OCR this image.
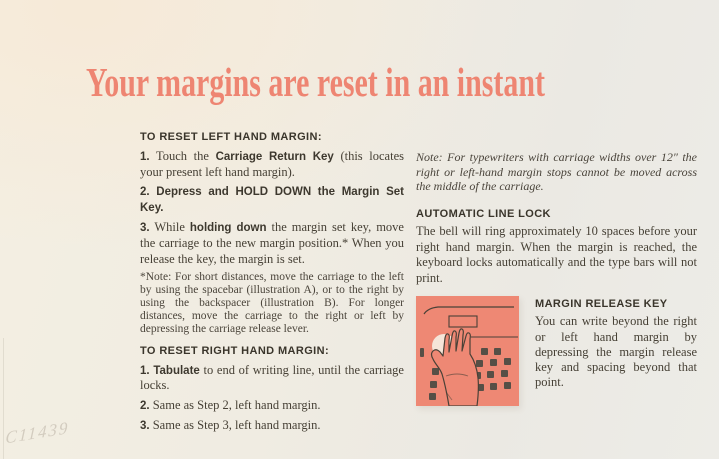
Your margins are reset in an instant

TO RESET LEFT HAND MARGIN:

1. Touch the Carriage Return Key (this locates your present left hand margin).

2. Depress and HOLD DOWN the Margin Set Key.

3. While holding down the margin set key, move the carriage to the new margin position.* When you release the key, the margin is set.

*Note: For short distances, move the carriage to the left by using the spacebar (illustration A), or to the right by using the backspacer (illustration B). For longer distances, move the carriage to the right or left by depressing the carriage release lever.

TO RESET RIGHT HAND MARGIN:

1. Tabulate to end of writing line, until the carriage locks.

2. Same as Step 2, left hand margin.

3. Same as Step 3, left hand margin.

Note: For typewriters with carriage widths over 12″ the right or left-hand margin stops cannot be moved across the middle of the carriage.

AUTOMATIC LINE LOCK

The bell will ring approximately 10 spaces before your right hand margin. When the margin is reached, the keyboard locks automatically and the type bars will not print.

MARGIN RELEASE KEY

You can write beyond the right or left hand margin by depressing the margin release key and spacing beyond that point.

C11439
